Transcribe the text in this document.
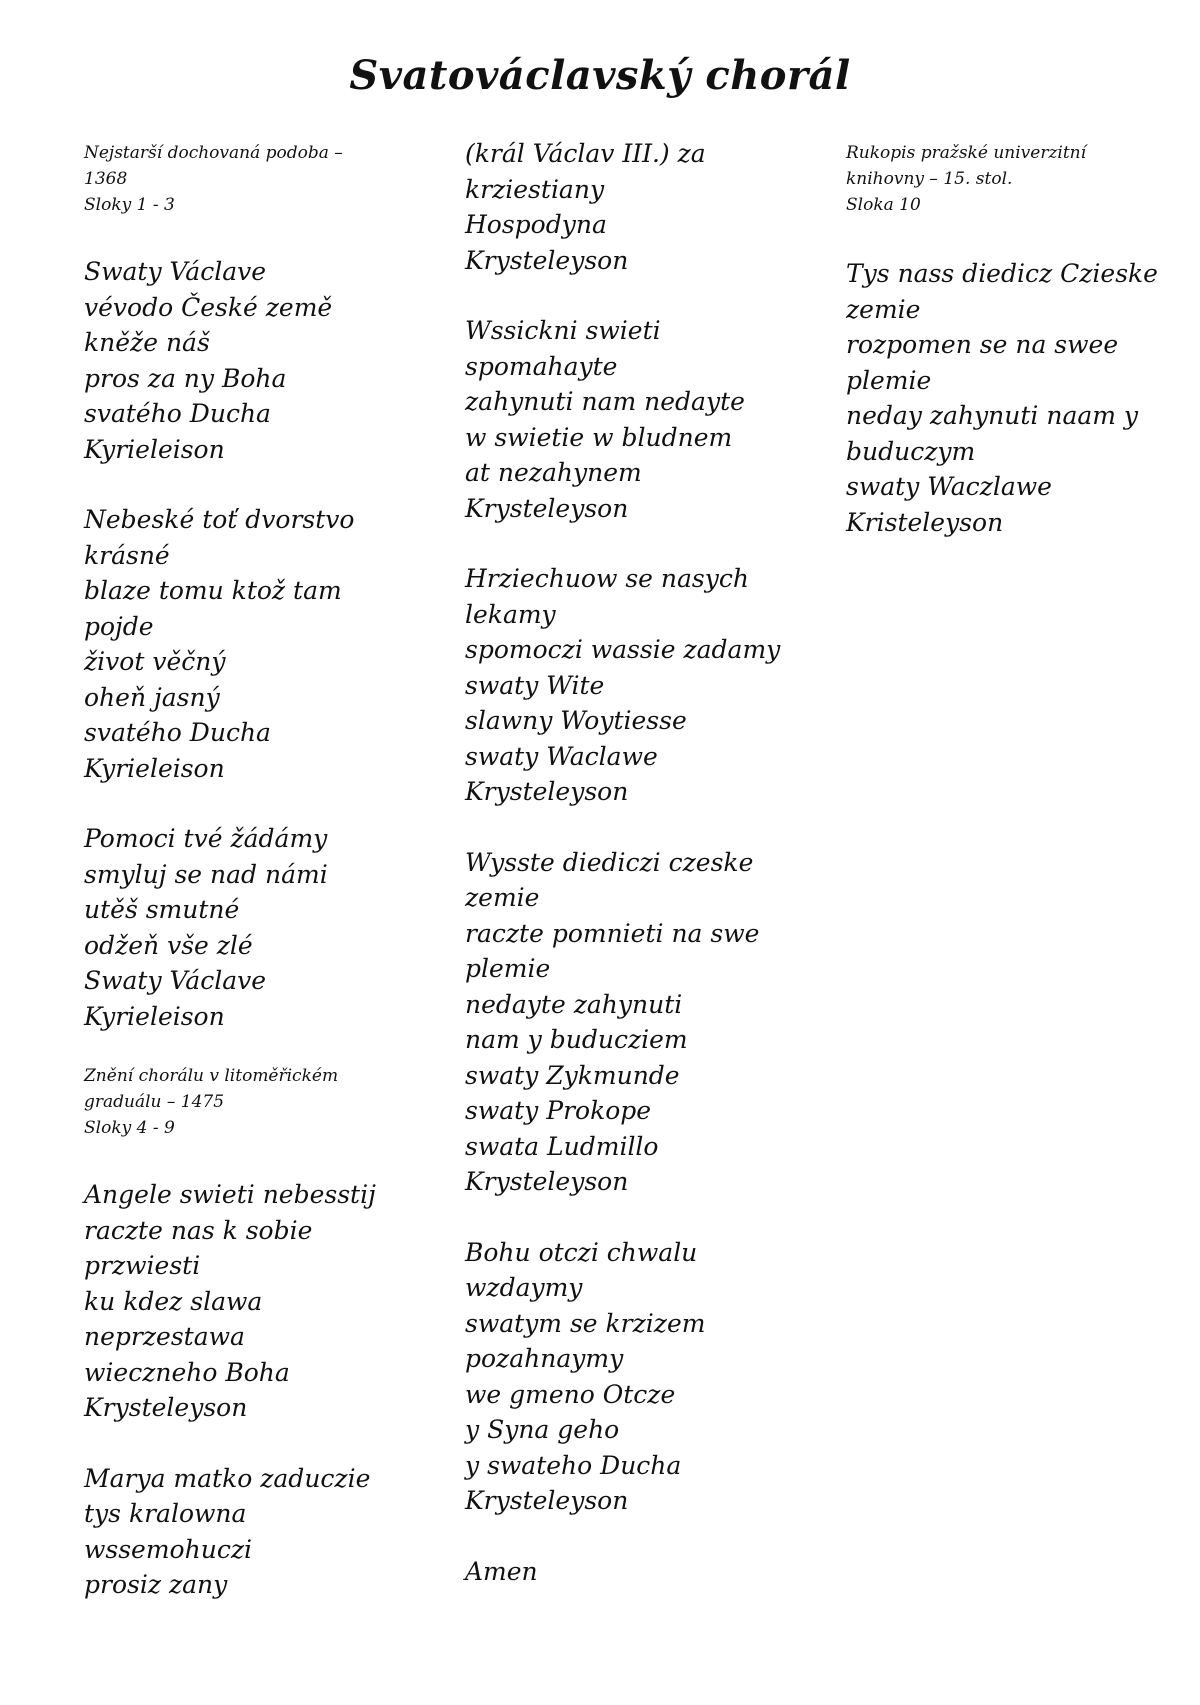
Svatováclavský chorál
Nejstarší dochovaná podoba –
1368
Sloky 1 - 3
Swaty Václave
vévodo České země
kněže náš
pros za ny Boha
svatého Ducha
Kyrieleison
Nebeské toť dvorstvo
krásné
blaze tomu ktož tam
pojde
život věčný
oheň jasný
svatého Ducha
Kyrieleison
Pomoci tvé žádámy
smyluj se nad námi
utěš smutné
odžeň vše zlé
Swaty Václave
Kyrieleison
Znění chorálu v litoměřickém
graduálu – 1475
Sloky 4 - 9
Angele swieti nebesstij
raczte nas k sobie
przwiesti
ku kdez slawa
neprzestawa
wieczneho Boha
Krysteleyson
Marya matko zaduczie
tys kralowna
wssemohuczi
prosiz zany
(král Václav III.) za
krziestiany
Hospodyna
Krysteleyson
Wssickni swieti
spomahayte
zahynuti nam nedayte
w swietie w bludnem
at nezahynem
Krysteleyson
Hrziechuow se nasych
lekamy
spomoczi wassie zadamy
swaty Wite
slawny Woytiesse
swaty Waclawe
Krysteleyson
Wysste diediczi czeske
zemie
raczte pomnieti na swe
plemie
nedayte zahynuti
nam y buducziem
swaty Zykmunde
swaty Prokope
swata Ludmillo
Krysteleyson
Bohu otczi chwalu
wzdaymy
swatym se krzizem
pozahnaymy
we gmeno Otcze
y Syna geho
y swateho Ducha
Krysteleyson
Amen
Rukopis pražské univerzitní
knihovny – 15. stol.
Sloka 10
Tys nass diedicz Czieske
zemie
rozpomen se na swee
plemie
neday zahynuti naam y
buduczym
swaty Waczlawe
Kristeleyson
